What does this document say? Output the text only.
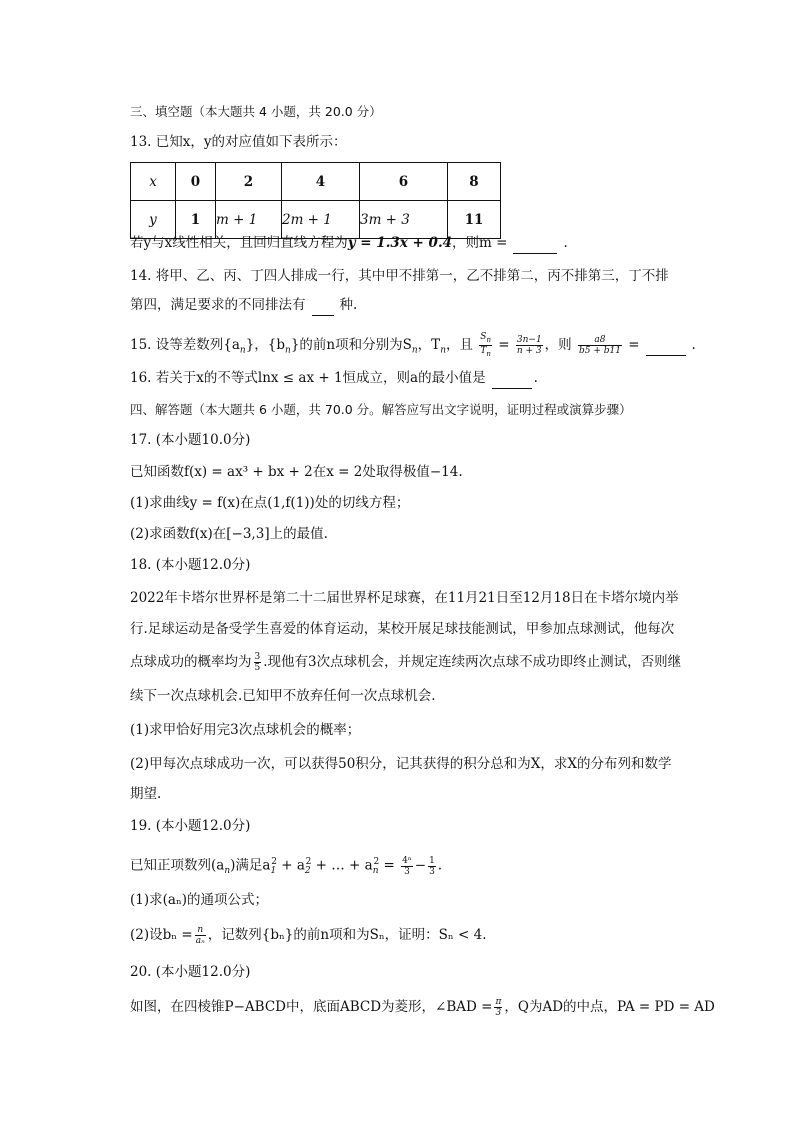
三、填空题（本大题共 4 小题，共 20.0 分）
13. 已知x，y的对应值如下表所示：
x	0	2	4	6	8
y	1	m + 1	2m + 1	3m + 3	11
若y与x线性相关，且回归直线方程为y = 1.3x + 0.4，则m =	.
14. 将甲、乙、丙、丁四人排成一行，其中甲不排第一，乙不排第二，丙不排第三，丁不排
第四，满足要求的不同排法有	种.
15. 设等差数列$\{a_n\}$，$\{b_n\}$的前n项和分别为$S_n$，$T_n$，且 $\frac{S_n}{T_n} = \frac{3n-1}{n + 3}$ ，则 $\frac{a8}{b5 + b11}$ =	.
16. 若关于x的不等式lnx ≤ ax + 1恒成立，则a的最小值是	.
四、解答题（本大题共 6 小题，共 70.0 分。解答应写出文字说明，证明过程或演算步骤）
17. (本小题10.0分)
已知函数f(x) = ax³ + bx + 2在x = 2处取得极值−14.
(1)求曲线y = f(x)在点(1,f(1))处的切线方程；
(2)求函数f(x)在[−3,3]上的最值.
18. (本小题12.0分)
2022年卡塔尔世界杯是第二十二届世界杯足球赛，在11月21日至12月18日在卡塔尔境内举
行.足球运动是备受学生喜爱的体育运动，某校开展足球技能测试，甲参加点球测试，他每次
点球成功的概率均为 $\frac{3}{5}$ .现他有3次点球机会，并规定连续两次点球不成功即终止测试，否则继
续下一次点球机会.已知甲不放弃任何一次点球机会.
(1)求甲恰好用完3次点球机会的概率；
(2)甲每次点球成功一次，可以获得50积分，记其获得的积分总和为X，求X的分布列和数学
期望.
19. (本小题12.0分)
已知正项数列$(a_n)$满足$a_1^2 + a_2^2$ + … + $a_n^2 = \frac{\text{4ⁿ}}{3} - \frac{1}{3}$ .
(1)求(aₙ)的通项公式；
(2)设$b_n = \frac{n}{\text{aₙ}}$ ，记数列{bₙ}的前n项和为Sₙ，证明：Sₙ < 4.
20. (本小题12.0分)
如图，在四棱锥P−ABCD中，底面ABCD为菱形，∠BAD = $\frac{\pi}{3}$ ，Q为AD的中点，PA = PD = AD
